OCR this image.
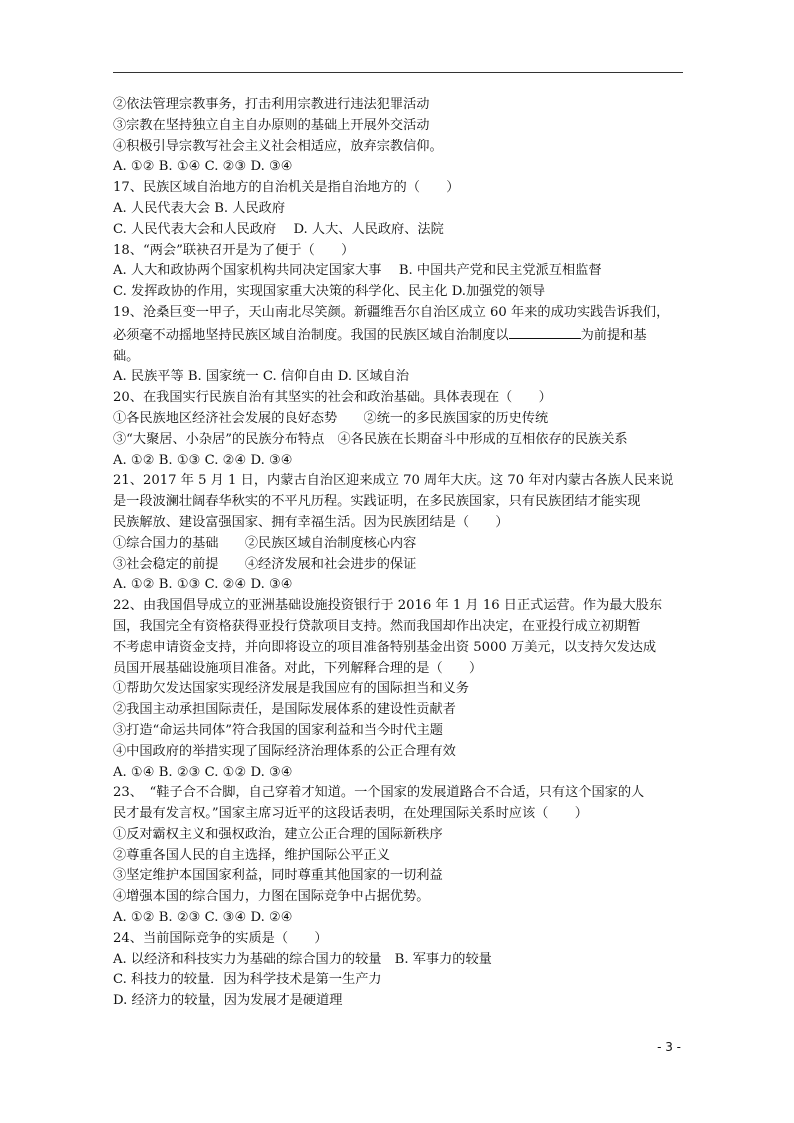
②依法管理宗教事务，打击利用宗教进行违法犯罪活动
③宗教在坚持独立自主自办原则的基础上开展外交活动
④积极引导宗教写社会主义社会相适应，放弃宗教信仰。
A. ①② B. ①④ C. ②③ D. ③④
17、民族区域自治地方的自治机关是指自治地方的（　　）
A. 人民代表大会 B. 人民政府
C. 人民代表大会和人民政府　 D. 人大、人民政府、法院
18、“两会”联袂召开是为了便于（　　）
A. 人大和政协两个国家机构共同决定国家大事　 B. 中国共产党和民主党派互相监督
C. 发挥政协的作用，实现国家重大决策的科学化、民主化 D.加强党的领导
19、沧桑巨变一甲子，天山南北尽笑颜。新疆维吾尔自治区成立 60 年来的成功实践告诉我们，
必须毫不动摇地坚持民族区域自治制度。我国的民族区域自治制度以	为前提和基
础。
A. 民族平等 B. 国家统一 C. 信仰自由 D. 区域自治
20、在我国实行民族自治有其坚实的社会和政治基础。具体表现在（　　）
①各民族地区经济社会发展的良好态势　　②统一的多民族国家的历史传统
③“大聚居、小杂居”的民族分布特点　④各民族在长期奋斗中形成的互相依存的民族关系
A. ①② B. ①③ C. ②④ D. ③④
21、2017 年 5 月 1 日，内蒙古自治区迎来成立 70 周年大庆。这 70 年对内蒙古各族人民来说
是一段波澜壮阔春华秋实的不平凡历程。实践证明，在多民族国家，只有民族团结才能实现
民族解放、建设富强国家、拥有幸福生活。因为民族团结是（　　）
①综合国力的基础　　②民族区域自治制度核心内容
③社会稳定的前提　　④经济发展和社会进步的保证
A. ①② B. ①③ C. ②④ D. ③④
22、由我国倡导成立的亚洲基础设施投资银行于 2016 年 1 月 16 日正式运营。作为最大股东
国，我国完全有资格获得亚投行贷款项目支持。然而我国却作出决定，在亚投行成立初期暂
不考虑申请资金支持，并向即将设立的项目准备特别基金出资 5000 万美元，以支持欠发达成
员国开展基础设施项目准备。对此，下列解释合理的是（　　）
①帮助欠发达国家实现经济发展是我国应有的国际担当和义务
②我国主动承担国际责任，是国际发展体系的建设性贡献者
③打造“命运共同体”符合我国的国家利益和当今时代主题
④中国政府的举措实现了国际经济治理体系的公正合理有效
A. ①④ B. ②③ C. ①② D. ③④
23、　“鞋子合不合脚，自己穿着才知道。一个国家的发展道路合不合适，只有这个国家的人
民才最有发言权。”国家主席习近平的这段话表明，在处理国际关系时应该（　　）
①反对霸权主义和强权政治，建立公正合理的国际新秩序
②尊重各国人民的自主选择，维护国际公平正义
③坚定维护本国国家利益，同时尊重其他国家的一切利益
④增强本国的综合国力，力图在国际竞争中占据优势。
A. ①② B. ②③ C. ③④ D. ②④
24、当前国际竞争的实质是（　　）
A. 以经济和科技实力为基础的综合国力的较量　B. 军事力的较量
C. 科技力的较量．因为科学技术是第一生产力
D. 经济力的较量，因为发展才是硬道理
- 3 -
